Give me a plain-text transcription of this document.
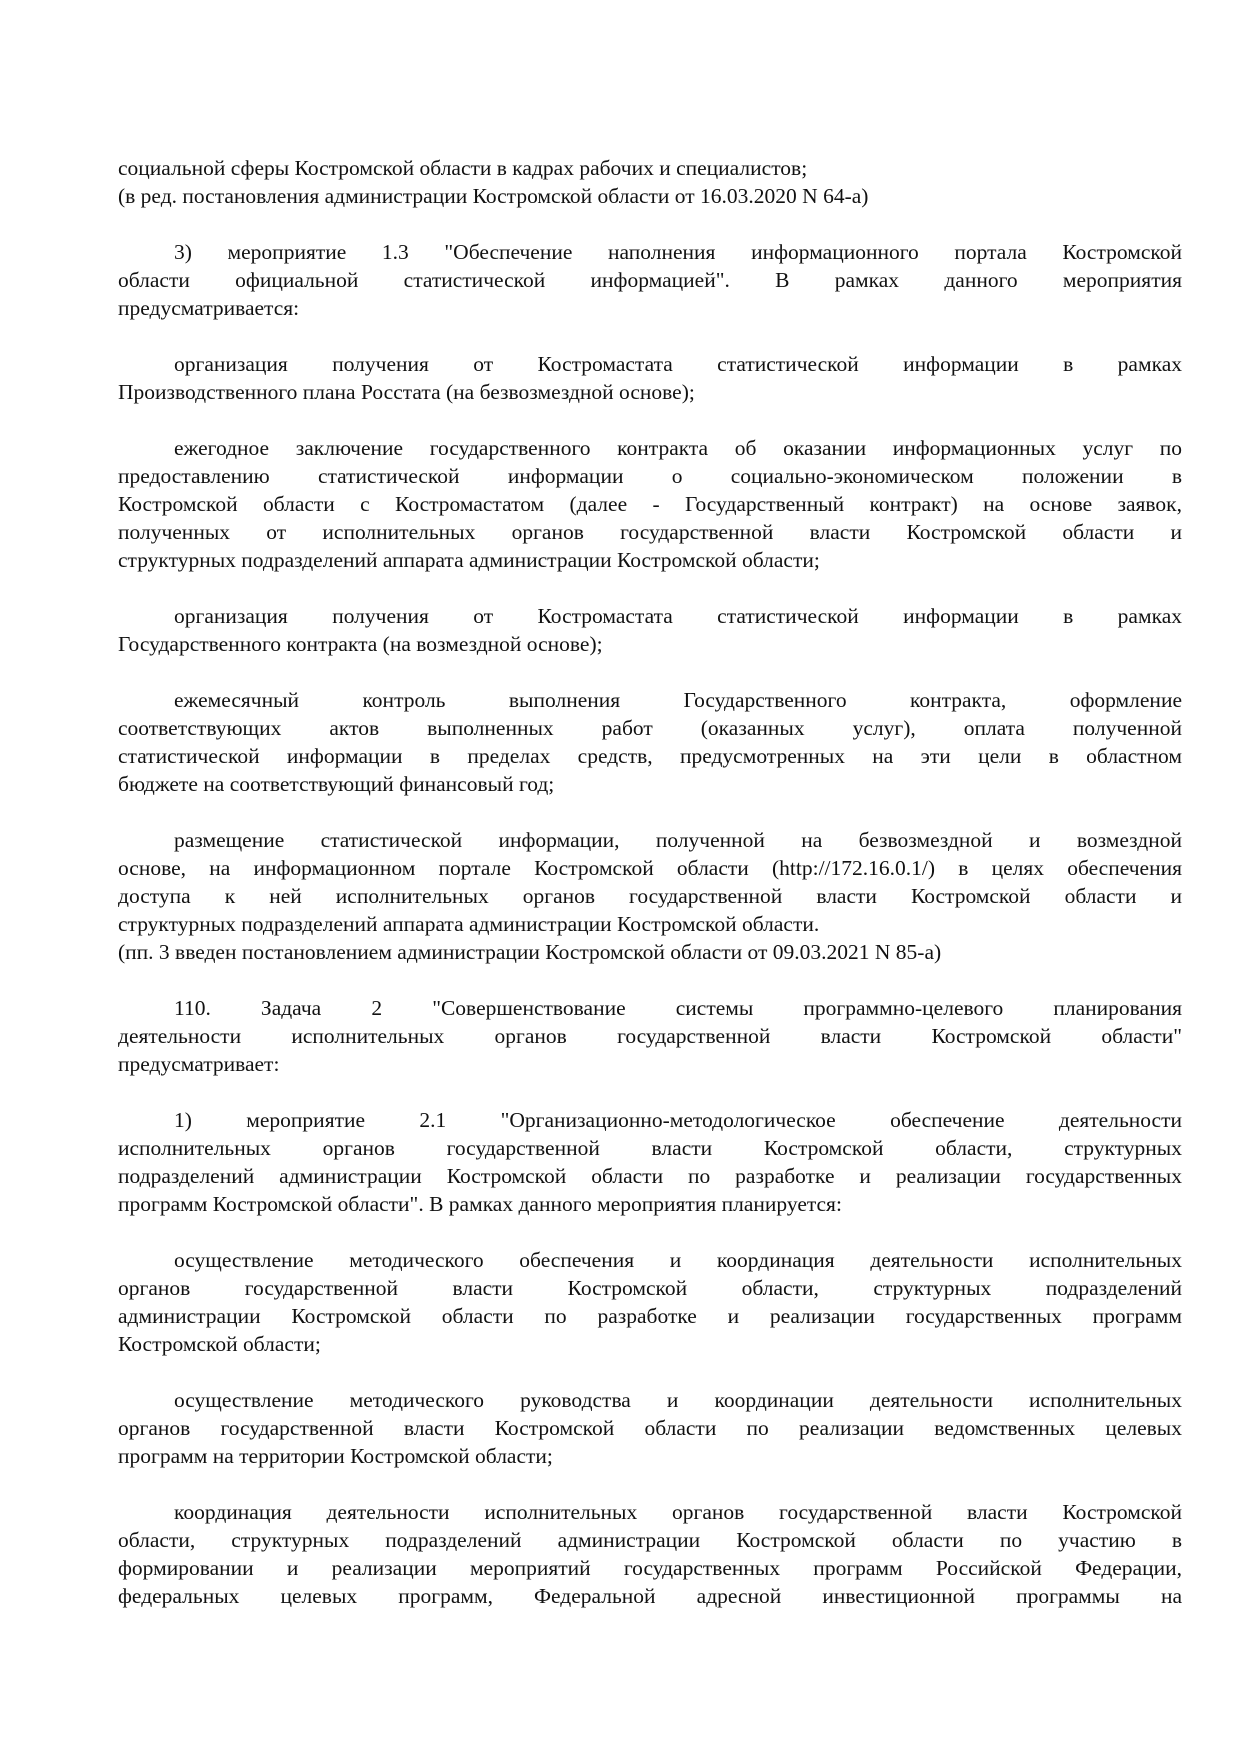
социальной сферы Костромской области в кадрах рабочих и специалистов;
(в ред. постановления администрации Костромской области от 16.03.2020 N 64-а)
3) мероприятие 1.3 "Обеспечение наполнения информационного портала Костромской
области официальной статистической информацией". В рамках данного мероприятия
предусматривается:
организация получения от Костромастата статистической информации в рамках
Производственного плана Росстата (на безвозмездной основе);
ежегодное заключение государственного контракта об оказании информационных услуг по
предоставлению статистической информации о социально-экономическом положении в
Костромской области с Костромастатом (далее - Государственный контракт) на основе заявок,
полученных от исполнительных органов государственной власти Костромской области и
структурных подразделений аппарата администрации Костромской области;
организация получения от Костромастата статистической информации в рамках
Государственного контракта (на возмездной основе);
ежемесячный контроль выполнения Государственного контракта, оформление
соответствующих актов выполненных работ (оказанных услуг), оплата полученной
статистической информации в пределах средств, предусмотренных на эти цели в областном
бюджете на соответствующий финансовый год;
размещение статистической информации, полученной на безвозмездной и возмездной
основе, на информационном портале Костромской области (http://172.16.0.1/) в целях обеспечения
доступа к ней исполнительных органов государственной власти Костромской области и
структурных подразделений аппарата администрации Костромской области.
(пп. 3 введен постановлением администрации Костромской области от 09.03.2021 N 85-а)
110. Задача 2 "Совершенствование системы программно-целевого планирования
деятельности исполнительных органов государственной власти Костромской области"
предусматривает:
1) мероприятие 2.1 "Организационно-методологическое обеспечение деятельности
исполнительных органов государственной власти Костромской области, структурных
подразделений администрации Костромской области по разработке и реализации государственных
программ Костромской области". В рамках данного мероприятия планируется:
осуществление методического обеспечения и координация деятельности исполнительных
органов государственной власти Костромской области, структурных подразделений
администрации Костромской области по разработке и реализации государственных программ
Костромской области;
осуществление методического руководства и координации деятельности исполнительных
органов государственной власти Костромской области по реализации ведомственных целевых
программ на территории Костромской области;
координация деятельности исполнительных органов государственной власти Костромской
области, структурных подразделений администрации Костромской области по участию в
формировании и реализации мероприятий государственных программ Российской Федерации,
федеральных целевых программ, Федеральной адресной инвестиционной программы на
